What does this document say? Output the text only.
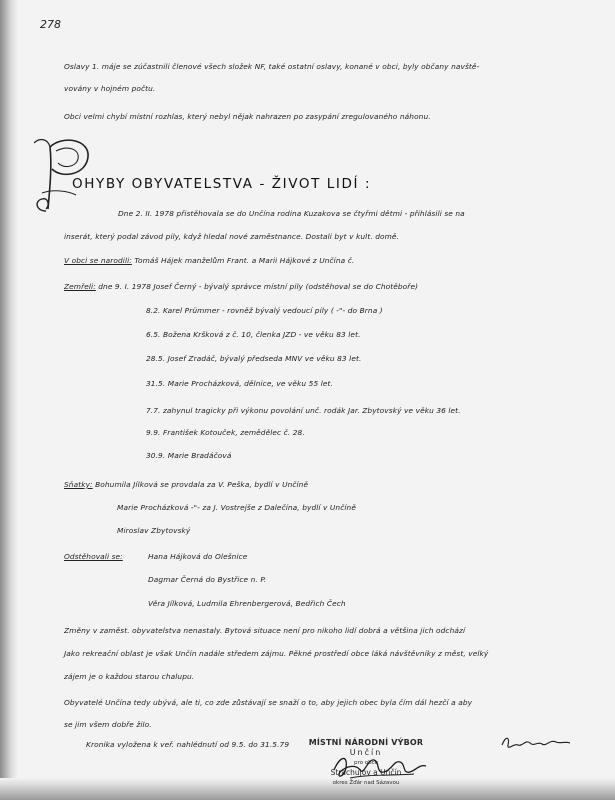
278
Oslavy 1. máje se zúčastnili členové všech složek NF, také ostatní oslavy, konané v obci, byly občany navště-
vovány v hojném počtu.
Obci velmi chybí místní rozhlas, který nebyl nějak nahrazen po zasypání zregulovaného náhonu.
OHYBY OBYVATELSTVA - ŽIVOT LIDÍ :
Dne 2. II. 1978 přistěhovala se do Unčína rodina Kuzakova se čtyřmi dětmi - přihlásili se na
inserát, který podal závod pily, když hledal nové zaměstnance. Dostali byt v kult. domě.
V obci se narodili: Tomáš Hájek manželům Frant. a Marii Hájkové z Unčína č.
Zemřeli: dne 9. I. 1978 Josef Černý - bývalý správce místní pily (odstěhoval se do Chotěboře)
8.2. Karel Prümmer - rovněž bývalý vedoucí pily ( -"- do Brna )
6.5. Božena Kršková z č. 10, členka JZD - ve věku 83 let.
28.5. Josef Zradáč, bývalý předseda MNV ve věku 83 let.
31.5. Marie Procházková, dělnice, ve věku 55 let.
7.7. zahynul tragicky při výkonu povolání unč. rodák Jar. Zbytovský ve věku 36 let.
9.9. František Kotouček, zemědělec č. 28.
30.9. Marie Bradáčová
Sňatky: Bohumila Jílková se provdala za V. Peška, bydlí v Unčíně
Marie Procházková -"- za J. Vostrejše z Dalečína, bydlí v Unčíně
Miroslav Zbytovský
Odstěhovali se:	Hana Hájková do Olešnice
Dagmar Černá do Bystřice n. P.
Věra Jílková, Ludmila Ehrenbergerová, Bedřich Čech
Změny v zaměst. obyvatelstva nenastaly. Bytová situace není pro nikoho lidí dobrá a většina jich odchází
Jako rekreační oblast je však Unčín nadále středem zájmu. Pěkné prostředí obce láká návštěvníky z měst, velký
zájem je o každou starou chalupu.
Obyvatelé Unčína tedy ubývá, ale ti, co zde zůstávají se snaží o to, aby jejich obec byla čím dál hezčí a aby
se jim všem dobře žilo.
Kronika vyložena k veř. nahlédnutí od 9.5. do 31.5.79	MÍSTNÍ NÁRODNÍ VÝBOR
Unčín
pro obce
Strachujov a Unčín
okres Žďár nad Sázavou
